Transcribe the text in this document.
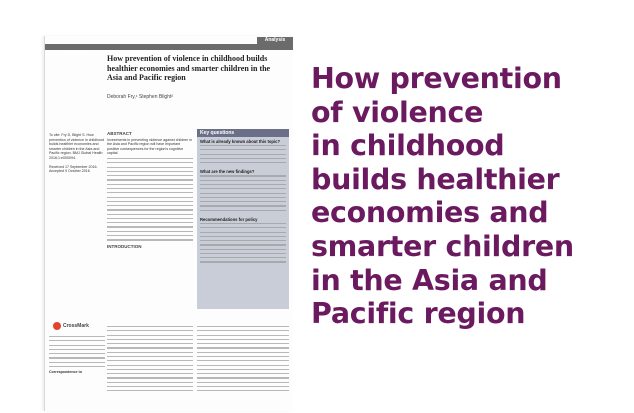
ON CHILDHEALTH
Analysis
How prevention of violence in childhood builds healthier economies and smarter children in the Asia and Pacific region
Deborah Fry,¹ Stephen Blight²
To cite: Fry D, Blight S. How prevention of violence in childhood builds healthier economies and smarter children in the Asia and Pacific region. BMJ Global Health 2016;1:e000094.
Received 17 September 2016. Accepted 9 October 2016
ABSTRACT
Investments in preventing violence against children in the Asia and Pacific region will have important positive consequences for the region's cognitive capital.
INTRODUCTION
Key questions
What is already known about this topic?
What are the new findings?
Recommendations for policy
CrossMark
Correspondence to
How prevention
of violence
in childhood
builds healthier
economies and
smarter children
in the Asia and
Pacific region
